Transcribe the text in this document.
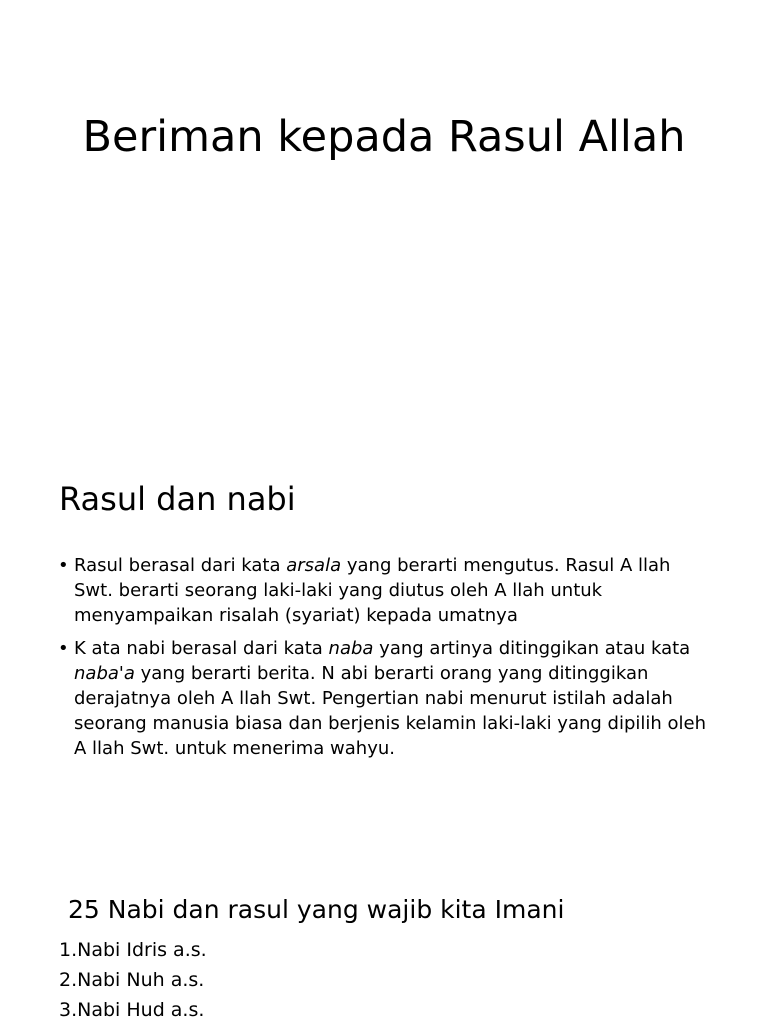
Beriman kepada Rasul Allah
Rasul dan nabi
• Rasul berasal dari kata arsala yang berarti mengutus. Rasul A llah Swt. berarti seorang laki-laki yang diutus oleh A llah untuk menyampaikan risalah (syariat) kepada umatnya
• K ata nabi berasal dari kata naba yang artinya ditinggikan atau kata naba'a yang berarti berita. N abi berarti orang yang ditinggikan derajatnya oleh A llah Swt. Pengertian nabi menurut istilah adalah seorang manusia biasa dan berjenis kelamin laki-laki yang dipilih oleh A llah Swt. untuk menerima wahyu.
25 Nabi dan rasul yang wajib kita Imani
1.Nabi Idris a.s.
2.Nabi Nuh a.s.
3.Nabi Hud a.s.
